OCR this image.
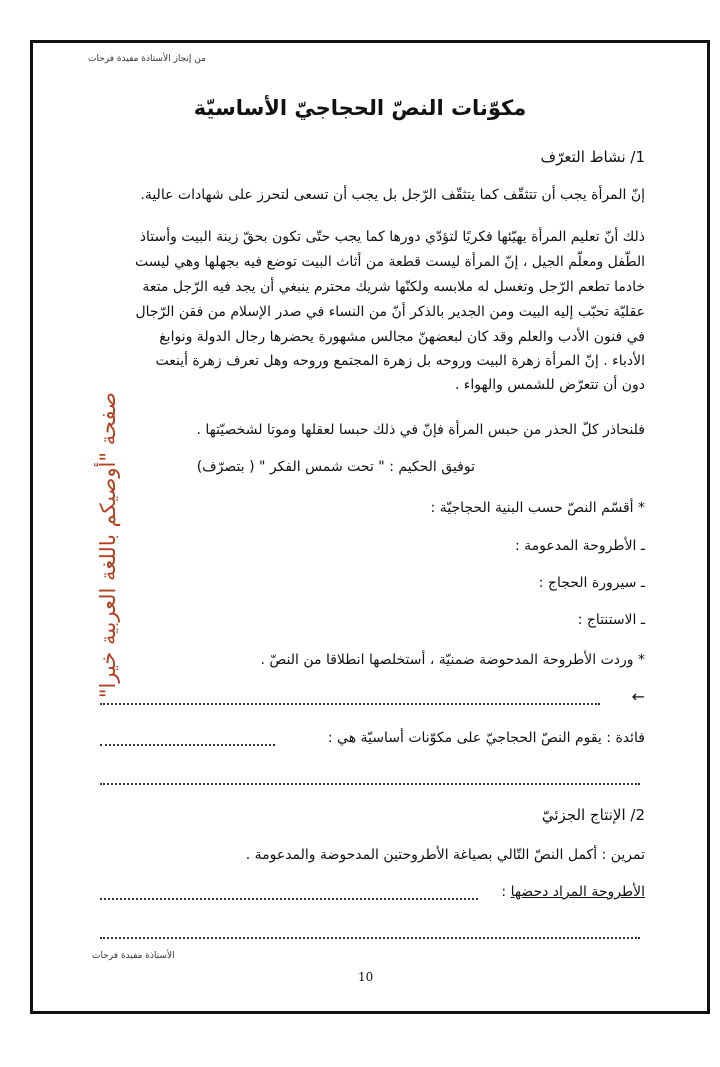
من إنجاز الأستاذة مفيدة فرحات
مكوّنات النصّ الحجاجيّ الأساسيّة
1/ نشاط التعرّف
إنّ المرأة يجب أن تتثقّف كما يتثقّف الرّجل بل يجب أن تسعى لتحرز على شهادات عالية.
ذلك أنّ تعليم المرأة يهيّئها فكريًا لتؤدّي دورها كما يجب حتّى تكون بحقّ زينة البيت وأستاذ
الطّفل ومعلّم الجيل ، إنّ المرأة ليست قطعة من أثاث البيت توضع فيه بجهلها وهي ليست
خادما تطعم الرّجل وتغسل له ملابسه ولكنّها شريك محترم ينبغي أن يجد فيه الرّجل متعة
عقليّة تحبّب إليه البيت ومن الجدير بالذكر أنّ من النساء في صدر الإسلام من فقن الرّجال
في فنون الأدب والعلم وقد كان لبعضهنّ مجالس مشهورة يحضرها رجال الدولة ونوابغ
الأدباء . إنّ المرأة زهرة البيت وروحه بل زهرة المجتمع وروحه وهل تعرف زهرة أينعت
دون أن تتعرّض للشمس والهواء .
فلنحاذر كلّ الحذر من حبس المرأة فإنّ في ذلك حبسا لعقلها وموتا لشخصيّتها .
توفيق الحكيم : " تحت شمس الفكر " ( بتصرّف)
* أقسّم النصّ حسب البنية الحجاجيّة :
ـ الأطروحة المدعومة :
ـ سيرورة الحجاج :
ـ الاستنتاج :
* وردت الأطروحة المدحوضة ضمنيّة ، أستخلصها انطلاقا من النصّ .
←
فائدة : يقوم النصّ الحجاجيّ على مكوّنات أساسيّة هي :
2/ الإنتاج الجزئيّ
تمرين : أكمل النصّ التّالي بصياغة الأطروحتين المدحوضة والمدعومة .
الأطروحة المراد دحضها :
الأستاذة مفيدة فرحات
10
صفحة "أوصيكم باللغة العربية خيرا"
